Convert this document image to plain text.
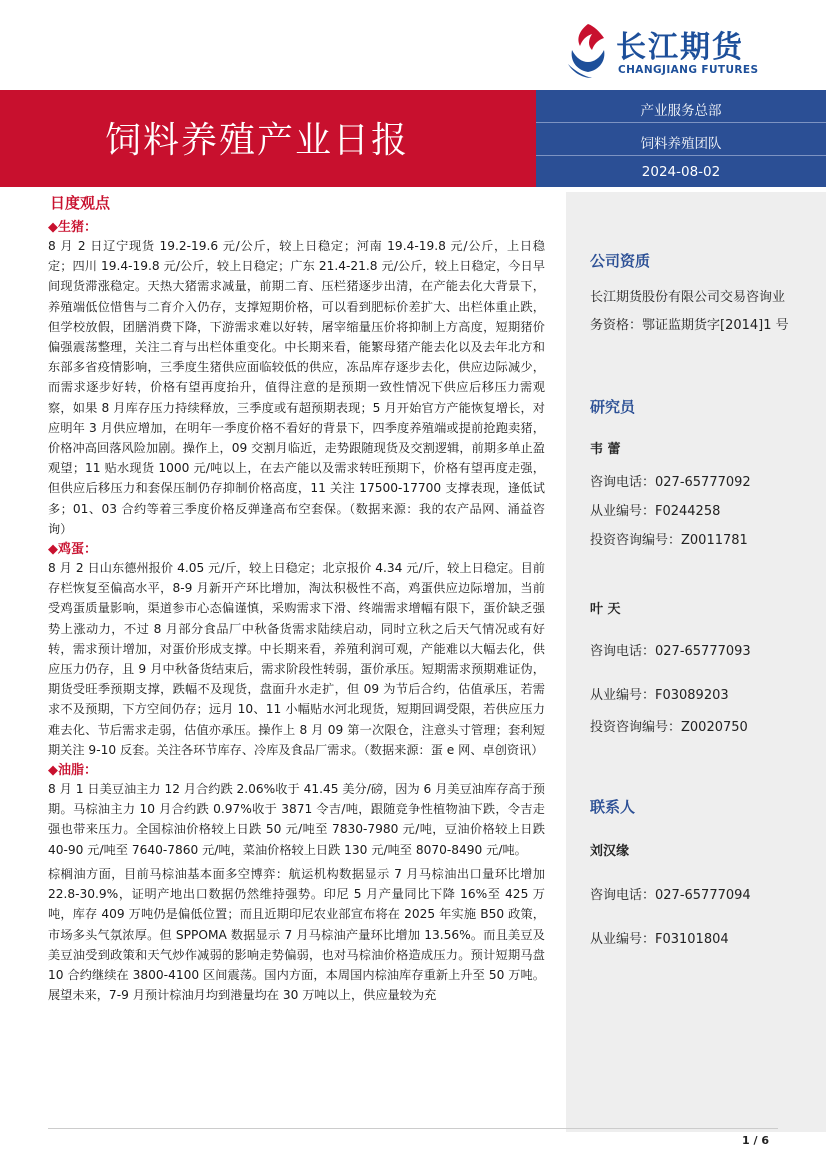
长江期货
CHANGJIANG FUTURES
饲料养殖产业日报
产业服务总部
饲料养殖团队
2024-08-02
日度观点
◆生猪：

8 月 2 日辽宁现货 19.2-19.6 元/公斤，较上日稳定；河南 19.4-19.8 元/公斤，上日稳定；四川 19.4-19.8 元/公斤，较上日稳定；广东 21.4-21.8 元/公斤，较上日稳定，今日早间现货滞涨稳定。天热大猪需求减量，前期二育、压栏猪逐步出清，在产能去化大背景下，养殖端低位惜售与二育介入仍存，支撑短期价格，可以看到肥标价差扩大、出栏体重止跌，但学校放假，团膳消费下降，下游需求难以好转，屠宰缩量压价将抑制上方高度，短期猪价偏强震荡整理，关注二育与出栏体重变化。中长期来看，能繁母猪产能去化以及去年北方和东部多省疫情影响，三季度生猪供应面临较低的供应，冻品库存逐步去化，供应边际减少，而需求逐步好转，价格有望再度抬升，值得注意的是预期一致性情况下供应后移压力需观察，如果 8 月库存压力持续释放，三季度或有超预期表现；5 月开始官方产能恢复增长，对应明年 3 月供应增加，在明年一季度价格不看好的背景下，四季度养殖端或提前抢跑卖猪，价格冲高回落风险加剧。操作上，09 交割月临近，走势跟随现货及交割逻辑，前期多单止盈观望；11 贴水现货 1000 元/吨以上，在去产能以及需求转旺预期下，价格有望再度走强，但供应后移压力和套保压制仍存抑制价格高度，11 关注 17500-17700 支撑表现，逢低试多；01、03 合约等着三季度价格反弹逢高布空套保。（数据来源：我的农产品网、涌益咨询）

◆鸡蛋：

8 月 2 日山东德州报价 4.05 元/斤，较上日稳定；北京报价 4.34 元/斤，较上日稳定。目前存栏恢复至偏高水平，8-9 月新开产环比增加，淘汰积极性不高，鸡蛋供应边际增加，当前受鸡蛋质量影响，渠道参市心态偏谨慎，采购需求下滑、终端需求增幅有限下，蛋价缺乏强势上涨动力，不过 8 月部分食品厂中秋备货需求陆续启动，同时立秋之后天气情况或有好转，需求预计增加，对蛋价形成支撑。中长期来看，养殖利润可观，产能难以大幅去化，供应压力仍存，且 9 月中秋备货结束后，需求阶段性转弱，蛋价承压。短期需求预期难证伪，期货受旺季预期支撑，跌幅不及现货，盘面升水走扩，但 09 为节后合约，估值承压，若需求不及预期，下方空间仍存；远月 10、11 小幅贴水河北现货，短期回调受限，若供应压力难去化、节后需求走弱，估值亦承压。操作上 8 月 09 第一次限仓，注意头寸管理；套利短期关注 9-10 反套。关注各环节库存、冷库及食品厂需求。（数据来源：蛋 e 网、卓创资讯）

◆油脂：

8 月 1 日美豆油主力 12 月合约跌 2.06%收于 41.45 美分/磅，因为 6 月美豆油库存高于预期。马棕油主力 10 月合约跌 0.97%收于 3871 令吉/吨，跟随竞争性植物油下跌，令吉走强也带来压力。全国棕油价格较上日跌 50 元/吨至 7830-7980 元/吨，豆油价格较上日跌 40-90 元/吨至 7640-7860 元/吨，菜油价格较上日跌 130 元/吨至 8070-8490 元/吨。

棕榈油方面，目前马棕油基本面多空博弈：航运机构数据显示 7 月马棕油出口量环比增加 22.8-30.9%，证明产地出口数据仍然维持强势。印尼 5 月产量同比下降 16%至 425 万吨，库存 409 万吨仍是偏低位置；而且近期印尼农业部宣布将在 2025 年实施 B50 政策，市场多头气氛浓厚。但 SPPOMA 数据显示 7 月马棕油产量环比增加 13.56%。而且美豆及美豆油受到政策和天气炒作减弱的影响走势偏弱，也对马棕油价格造成压力。预计短期马盘 10 合约继续在 3800-4100 区间震荡。国内方面，本周国内棕油库存重新上升至 50 万吨。展望未来，7-9 月预计棕油月均到港量均在 30 万吨以上，供应量较为充

公司资质
长江期货股份有限公司交易咨询业
务资格：鄂证监期货字[2014]1 号
研究员
韦 蕾
咨询电话：027-65777092
从业编号：F0244258
投资咨询编号：Z0011781
叶 天
咨询电话：027-65777093
从业编号：F03089203
投资咨询编号：Z0020750
联系人
刘汉缘
咨询电话：027-65777094
从业编号：F03101804
1 / 6
